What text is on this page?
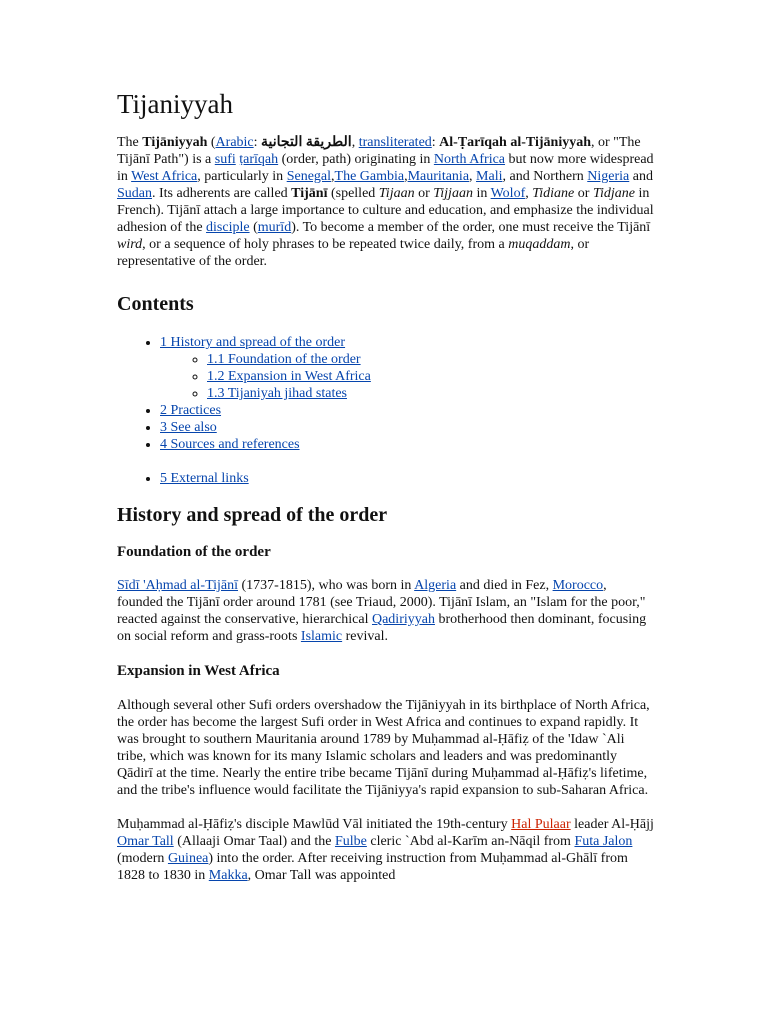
Tijaniyyah

The Tijāniyyah (Arabic: الطريقة التجانية, transliterated: Al-Ṭarīqah al-Tijāniyyah, or "The Tijānī Path") is a sufi ṭarīqah (order, path) originating in North Africa but now more widespread in West Africa, particularly in Senegal,The Gambia,Mauritania, Mali, and Northern Nigeria and Sudan. Its adherents are called Tijānī (spelled Tijaan or Tijjaan in Wolof, Tidiane or Tidjane in French). Tijānī attach a large importance to culture and education, and emphasize the individual adhesion of the disciple (murīd). To become a member of the order, one must receive the Tijānī wird, or a sequence of holy phrases to be repeated twice daily, from a muqaddam, or representative of the order.

Contents
• 1 History and spread of the order
◦ 1.1 Foundation of the order
◦ 1.2 Expansion in West Africa
◦ 1.3 Tijaniyah jihad states
• 2 Practices
• 3 See also
• 4 Sources and references
• 5 External links
History and spread of the order
Foundation of the order

Sīdī 'Aḥmad al-Tijānī (1737-1815), who was born in Algeria and died in Fez, Morocco, founded the Tijānī order around 1781 (see Triaud, 2000). Tijānī Islam, an "Islam for the poor," reacted against the conservative, hierarchical Qadiriyyah brotherhood then dominant, focusing on social reform and grass-roots Islamic revival.

Expansion in West Africa

Although several other Sufi orders overshadow the Tijāniyyah in its birthplace of North Africa, the order has become the largest Sufi order in West Africa and continues to expand rapidly. It was brought to southern Mauritania around 1789 by Muḥammad al-Ḥāfiẓ of the 'Idaw `Ali tribe, which was known for its many Islamic scholars and leaders and was predominantly Qādirī at the time. Nearly the entire tribe became Tijānī during Muḥammad al-Ḥāfiẓ's lifetime, and the tribe's influence would facilitate the Tijāniyya's rapid expansion to sub-Saharan Africa.

Muḥammad al-Ḥāfiẓ's disciple Mawlūd Vāl initiated the 19th-century Hal Pulaar leader Al-Ḥājj Omar Tall (Allaaji Omar Taal) and the Fulbe cleric `Abd al-Karīm an-Nāqil from Futa Jalon (modern Guinea) into the order. After receiving instruction from Muḥammad al-Ghālī from 1828 to 1830 in Makka, Omar Tall was appointed
